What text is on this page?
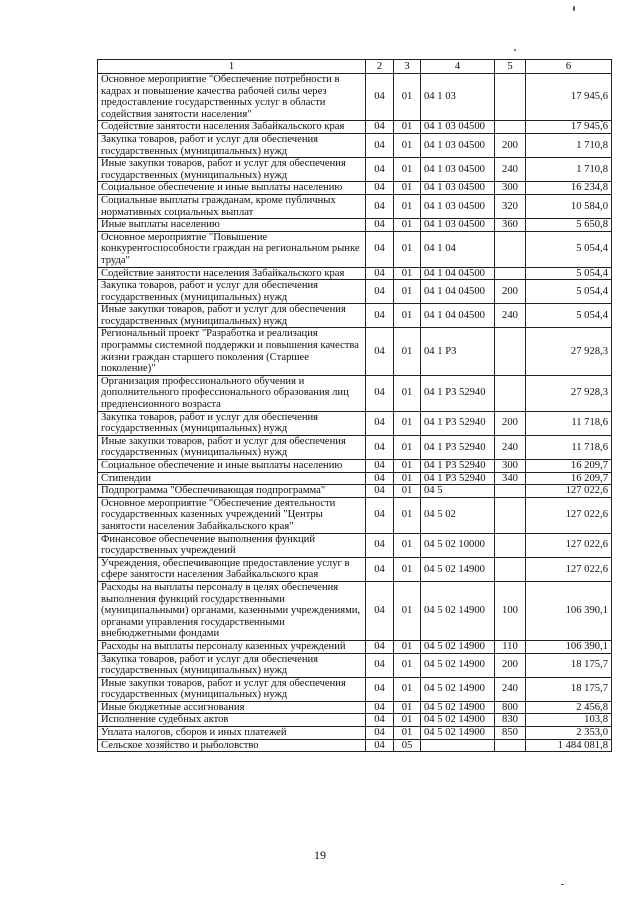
1	2	3	4	5	6
Основное мероприятие "Обеспечение потребности в кадрах и повышение качества рабочей силы через предоставление государственных услуг в области содействия занятости населения"	04	01	04 1 03		17 945,6
Содействие занятости населения Забайкальского края	04	01	04 1 03 04500		17 945,6
Закупка товаров, работ и услуг для обеспечения государственных (муниципальных) нужд	04	01	04 1 03 04500	200	1 710,8
Иные закупки товаров, работ и услуг для обеспечения государственных (муниципальных) нужд	04	01	04 1 03 04500	240	1 710,8
Социальное обеспечение и иные выплаты населению	04	01	04 1 03 04500	300	16 234,8
Социальные выплаты гражданам, кроме публичных нормативных социальных выплат	04	01	04 1 03 04500	320	10 584,0
Иные выплаты населению	04	01	04 1 03 04500	360	5 650,8
Основное мероприятие "Повышение конкурентоспособности граждан на региональном рынке труда"	04	01	04 1 04		5 054,4
Содействие занятости населения Забайкальского края	04	01	04 1 04 04500		5 054,4
Закупка товаров, работ и услуг для обеспечения государственных (муниципальных) нужд	04	01	04 1 04 04500	200	5 054,4
Иные закупки товаров, работ и услуг для обеспечения государственных (муниципальных) нужд	04	01	04 1 04 04500	240	5 054,4
Региональный проект "Разработка и реализация программы системной поддержки и повышения качества жизни граждан старшего поколения (Старшее поколение)"	04	01	04 1 P3		27 928,3
Организация профессионального обучения и дополнительного профессионального образования лиц предпенсионного возраста	04	01	04 1 P3 52940		27 928,3
Закупка товаров, работ и услуг для обеспечения государственных (муниципальных) нужд	04	01	04 1 P3 52940	200	11 718,6
Иные закупки товаров, работ и услуг для обеспечения государственных (муниципальных) нужд	04	01	04 1 P3 52940	240	11 718,6
Социальное обеспечение и иные выплаты населению	04	01	04 1 P3 52940	300	16 209,7
Стипендии	04	01	04 1 P3 52940	340	16 209,7
Подпрограмма "Обеспечивающая подпрограмма"	04	01	04 5		127 022,6
Основное мероприятие "Обеспечение деятельности государственных казенных учреждений "Центры занятости населения Забайкальского края"	04	01	04 5 02		127 022,6
Финансовое обеспечение выполнения функций государственных учреждений	04	01	04 5 02 10000		127 022,6
Учреждения, обеспечивающие предоставление услуг в сфере занятости населения Забайкальского края	04	01	04 5 02 14900		127 022,6
Расходы на выплаты персоналу в целях обеспечения выполнения функций государственными (муниципальными) органами, казенными учреждениями, органами управления государственными внебюджетными фондами	04	01	04 5 02 14900	100	106 390,1
Расходы на выплаты персоналу казенных учреждений	04	01	04 5 02 14900	110	106 390,1
Закупка товаров, работ и услуг для обеспечения государственных (муниципальных) нужд	04	01	04 5 02 14900	200	18 175,7
Иные закупки товаров, работ и услуг для обеспечения государственных (муниципальных) нужд	04	01	04 5 02 14900	240	18 175,7
Иные бюджетные ассигнования	04	01	04 5 02 14900	800	2 456,8
Исполнение судебных актов	04	01	04 5 02 14900	830	103,8
Уплата налогов, сборов и иных платежей	04	01	04 5 02 14900	850	2 353,0
Сельское хозяйство и рыболовство	04	05			1 484 081,8
19
